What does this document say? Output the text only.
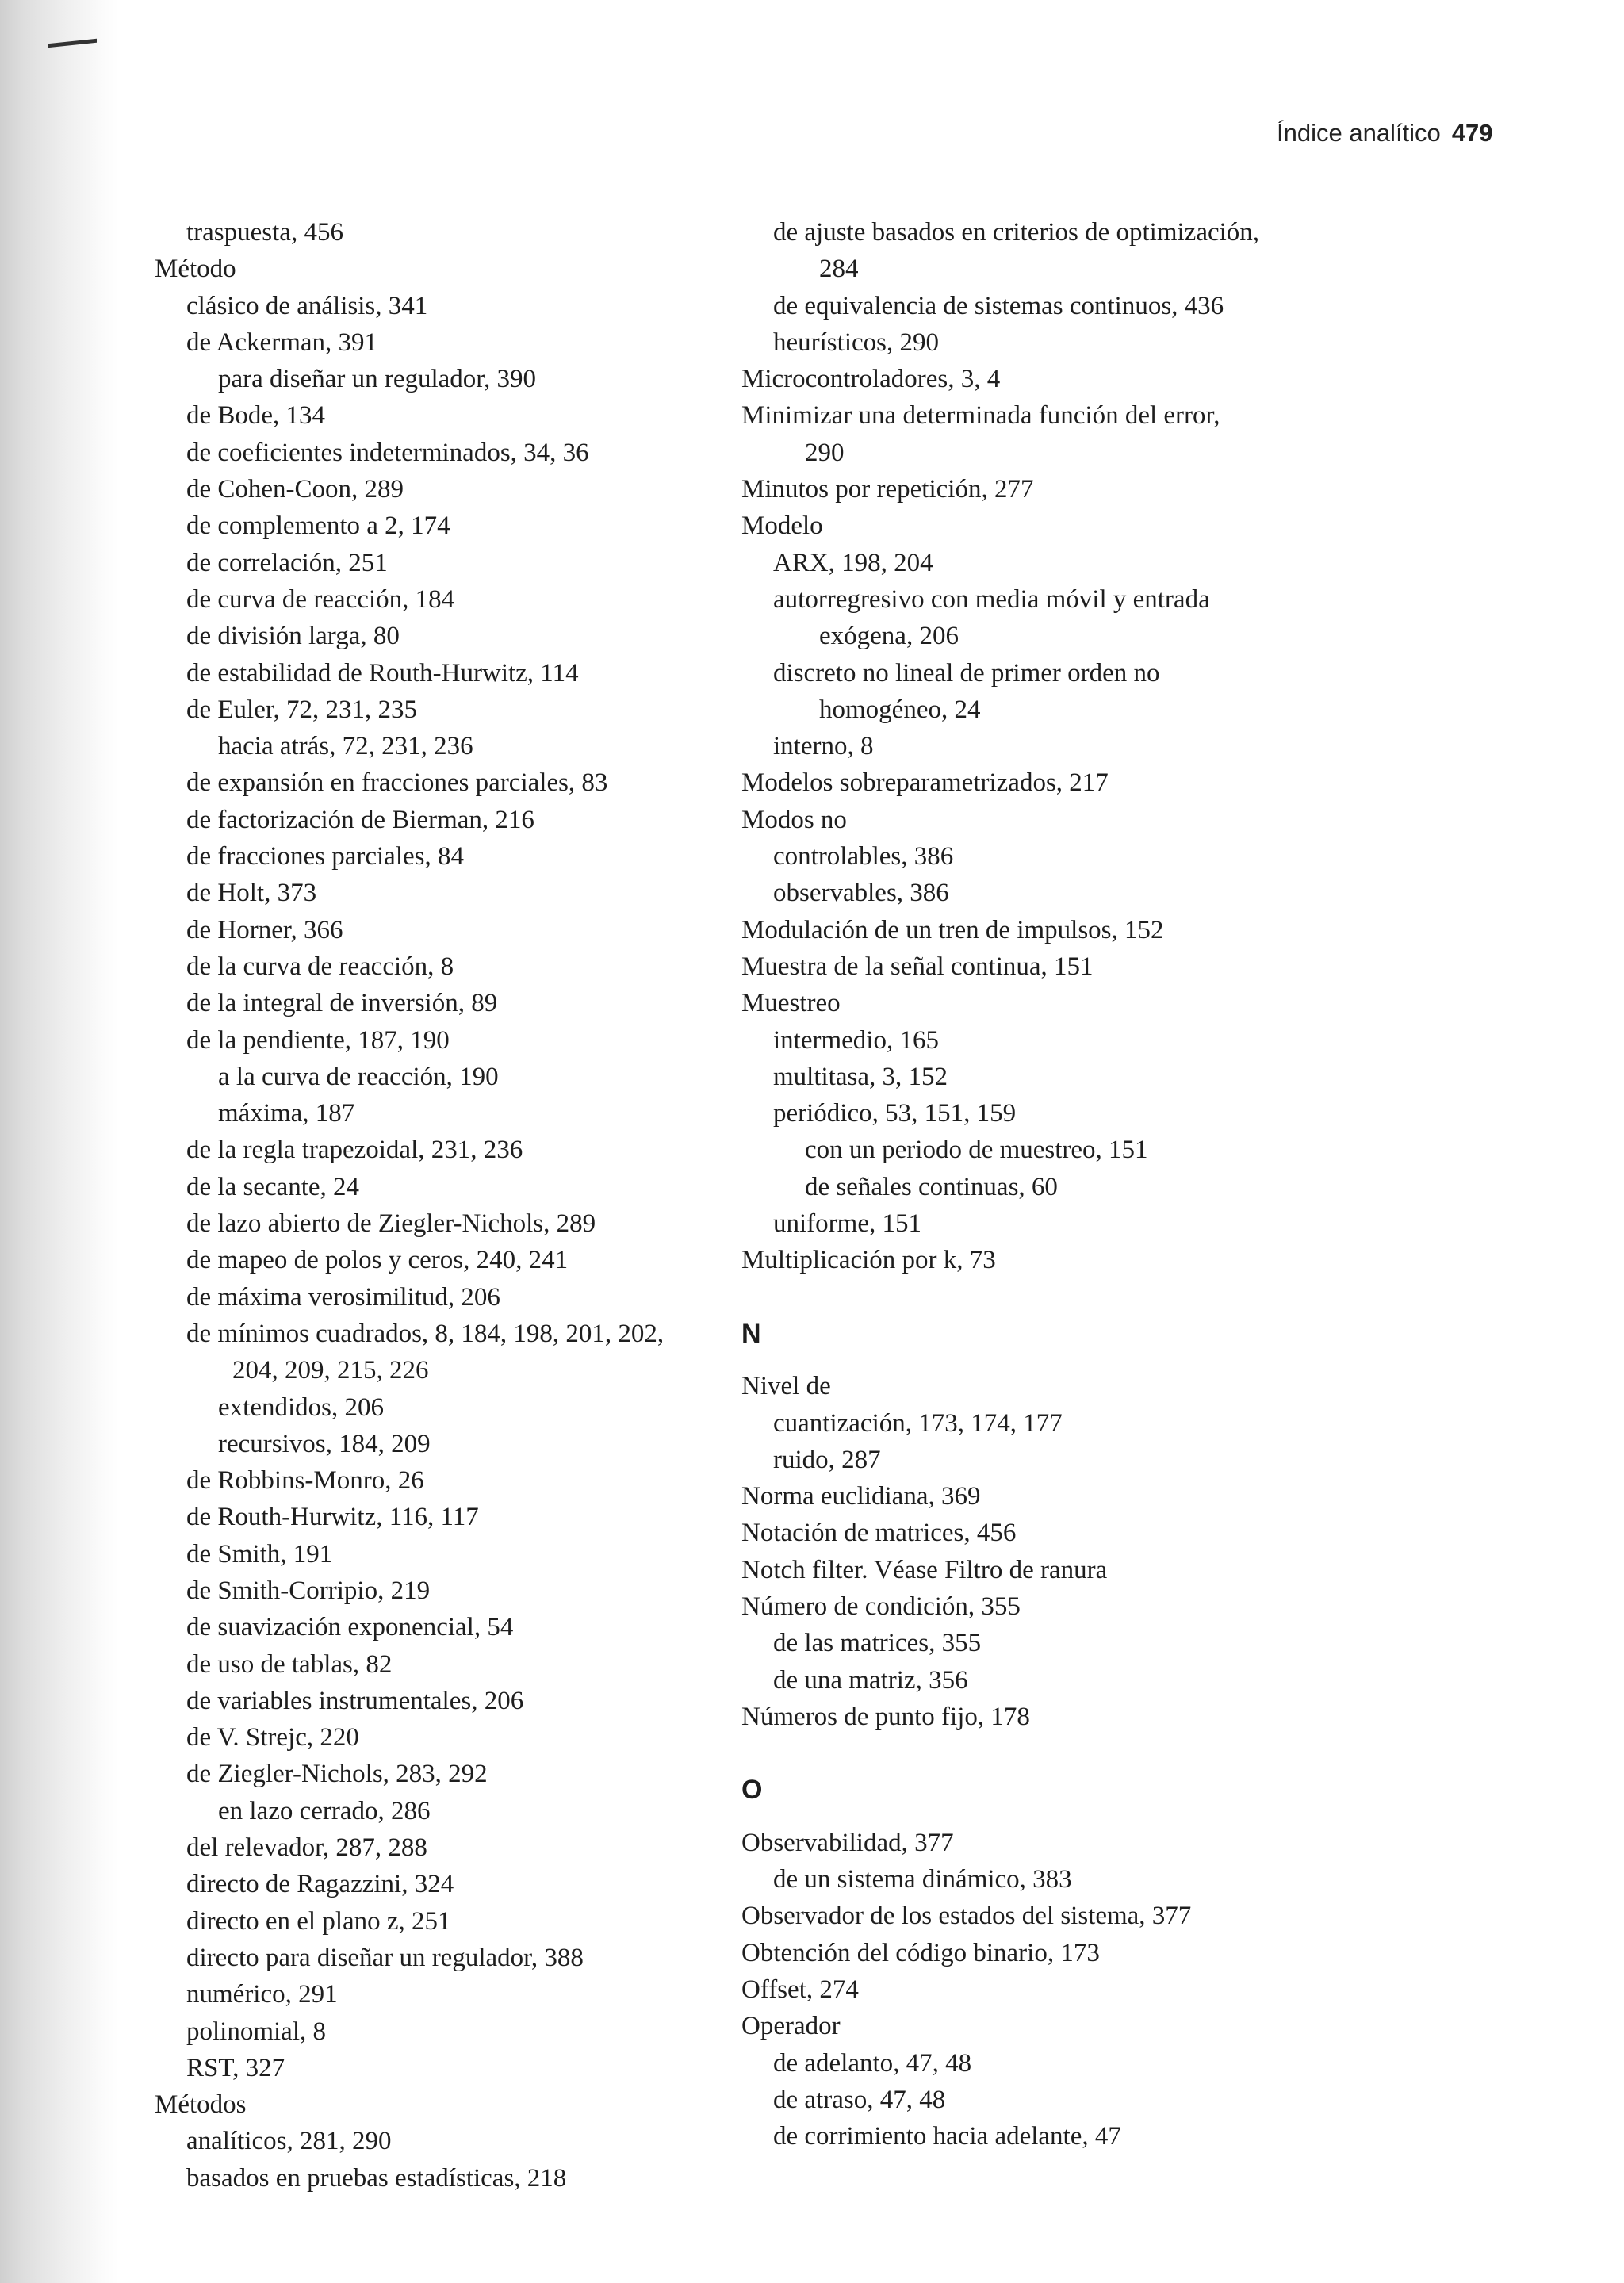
Índice analítico 479
traspuesta, 456
Método
clásico de análisis, 341
de Ackerman, 391
para diseñar un regulador, 390
de Bode, 134
de coeficientes indeterminados, 34, 36
de Cohen-Coon, 289
de complemento a 2, 174
de correlación, 251
de curva de reacción, 184
de división larga, 80
de estabilidad de Routh-Hurwitz, 114
de Euler, 72, 231, 235
hacia atrás, 72, 231, 236
de expansión en fracciones parciales, 83
de factorización de Bierman, 216
de fracciones parciales, 84
de Holt, 373
de Horner, 366
de la curva de reacción, 8
de la integral de inversión, 89
de la pendiente, 187, 190
a la curva de reacción, 190
máxima, 187
de la regla trapezoidal, 231, 236
de la secante, 24
de lazo abierto de Ziegler-Nichols, 289
de mapeo de polos y ceros, 240, 241
de máxima verosimilitud, 206
de mínimos cuadrados, 8, 184, 198, 201, 202,
204, 209, 215, 226
extendidos, 206
recursivos, 184, 209
de Robbins-Monro, 26
de Routh-Hurwitz, 116, 117
de Smith, 191
de Smith-Corripio, 219
de suavización exponencial, 54
de uso de tablas, 82
de variables instrumentales, 206
de V. Strejc, 220
de Ziegler-Nichols, 283, 292
en lazo cerrado, 286
del relevador, 287, 288
directo de Ragazzini, 324
directo en el plano z, 251
directo para diseñar un regulador, 388
numérico, 291
polinomial, 8
RST, 327
Métodos
analíticos, 281, 290
basados en pruebas estadísticas, 218
de ajuste basados en criterios de optimización,
284
de equivalencia de sistemas continuos, 436
heurísticos, 290
Microcontroladores, 3, 4
Minimizar una determinada función del error,
290
Minutos por repetición, 277
Modelo
ARX, 198, 204
autorregresivo con media móvil y entrada
exógena, 206
discreto no lineal de primer orden no
homogéneo, 24
interno, 8
Modelos sobreparametrizados, 217
Modos no
controlables, 386
observables, 386
Modulación de un tren de impulsos, 152
Muestra de la señal continua, 151
Muestreo
intermedio, 165
multitasa, 3, 152
periódico, 53, 151, 159
con un periodo de muestreo, 151
de señales continuas, 60
uniforme, 151
Multiplicación por k, 73
N
Nivel de
cuantización, 173, 174, 177
ruido, 287
Norma euclidiana, 369
Notación de matrices, 456
Notch filter. Véase Filtro de ranura
Número de condición, 355
de las matrices, 355
de una matriz, 356
Números de punto fijo, 178
O
Observabilidad, 377
de un sistema dinámico, 383
Observador de los estados del sistema, 377
Obtención del código binario, 173
Offset, 274
Operador
de adelanto, 47, 48
de atraso, 47, 48
de corrimiento hacia adelante, 47
